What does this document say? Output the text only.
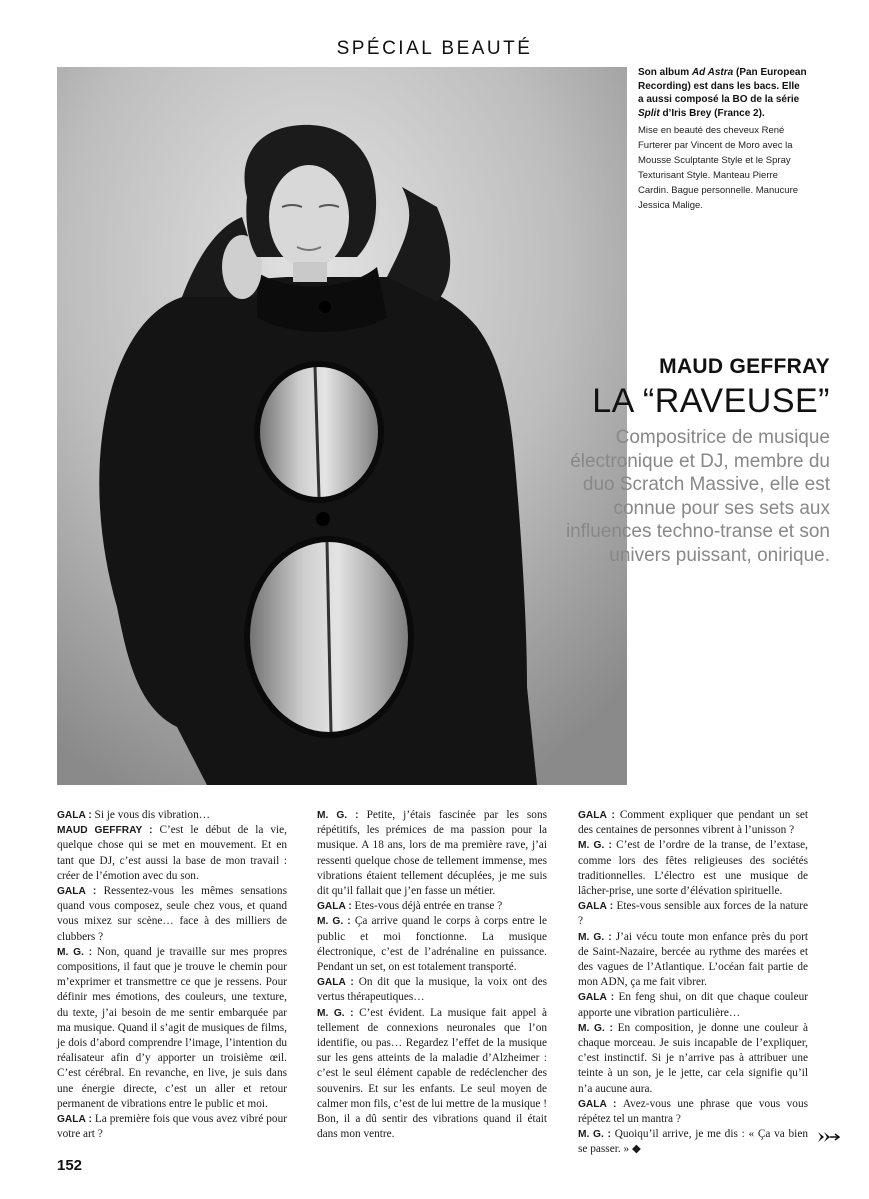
SPÉCIAL BEAUTÉ
Son album Ad Astra (Pan European Recording) est dans les bacs. Elle a aussi composé la BO de la série Split d’Iris Brey (France 2).
Mise en beauté des cheveux René Furterer par Vincent de Moro avec la Mousse Sculptante Style et le Spray Texturisant Style. Manteau Pierre Cardin. Bague personnelle. Manucure Jessica Malige.
MAUD GEFFRAY
LA “RAVEUSE”
Compositrice de musique électronique et DJ, membre du duo Scratch Massive, elle est connue pour ses sets aux influences techno-transe et son univers puissant, onirique.

GALA : Si je vous dis vibration…

MAUD GEFFRAY : C’est le début de la vie, quelque chose qui se met en mouvement. Et en tant que DJ, c’est aussi la base de mon travail : créer de l’émotion avec du son.

GALA : Ressentez-vous les mêmes sensations quand vous composez, seule chez vous, et quand vous mixez sur scène… face à des milliers de clubbers ?

M. G. : Non, quand je travaille sur mes propres compositions, il faut que je trouve le chemin pour m’exprimer et transmettre ce que je ressens. Pour définir mes émotions, des couleurs, une texture, du texte, j’ai besoin de me sentir embarquée par ma musique. Quand il s’agit de musiques de films, je dois d’abord comprendre l’image, l’intention du réalisateur afin d’y apporter un troisième œil. C’est cérébral. En revanche, en live, je suis dans une énergie directe, c’est un aller et retour permanent de vibrations entre le public et moi.

GALA : La première fois que vous avez vibré pour votre art ?

M. G. : Petite, j’étais fascinée par les sons répétitifs, les prémices de ma passion pour la musique. A 18 ans, lors de ma première rave, j’ai ressenti quelque chose de tellement immense, mes vibrations étaient tellement décuplées, je me suis dit qu’il fallait que j’en fasse un métier.

GALA : Etes-vous déjà entrée en transe ?

M. G. : Ça arrive quand le corps à corps entre le public et moi fonctionne. La musique électronique, c’est de l’adrénaline en puissance. Pendant un set, on est totalement transporté.

GALA : On dit que la musique, la voix ont des vertus thérapeutiques…

M. G. : C’est évident. La musique fait appel à tellement de connexions neuronales que l’on identifie, ou pas… Regardez l’effet de la musique sur les gens atteints de la maladie d’Alzheimer : c’est le seul élément capable de redéclencher des souvenirs. Et sur les enfants. Le seul moyen de calmer mon fils, c’est de lui mettre de la musique ! Bon, il a dû sentir des vibrations quand il était dans mon ventre.

GALA : Comment expliquer que pendant un set des centaines de personnes vibrent à l’unisson ?

M. G. : C’est de l’ordre de la transe, de l’extase, comme lors des fêtes religieuses des sociétés traditionnelles. L’électro est une musique de lâcher-prise, une sorte d’élévation spirituelle.

GALA : Etes-vous sensible aux forces de la nature ?

M. G. : J’ai vécu toute mon enfance près du port de Saint-Nazaire, bercée au rythme des marées et des vagues de l’Atlantique. L’océan fait partie de mon ADN, ça me fait vibrer.

GALA : En feng shui, on dit que chaque couleur apporte une vibration particulière…

M. G. : En composition, je donne une couleur à chaque morceau. Je suis incapable de l’expliquer, c’est instinctif. Si je n’arrive pas à attribuer une teinte à un son, je le jette, car cela signifie qu’il n’a aucune aura.

GALA : Avez-vous une phrase que vous vous répétez tel un mantra ?

M. G. : Quoiqu’il arrive, je me dis : « Ça va bien se passer. » ◆

152
